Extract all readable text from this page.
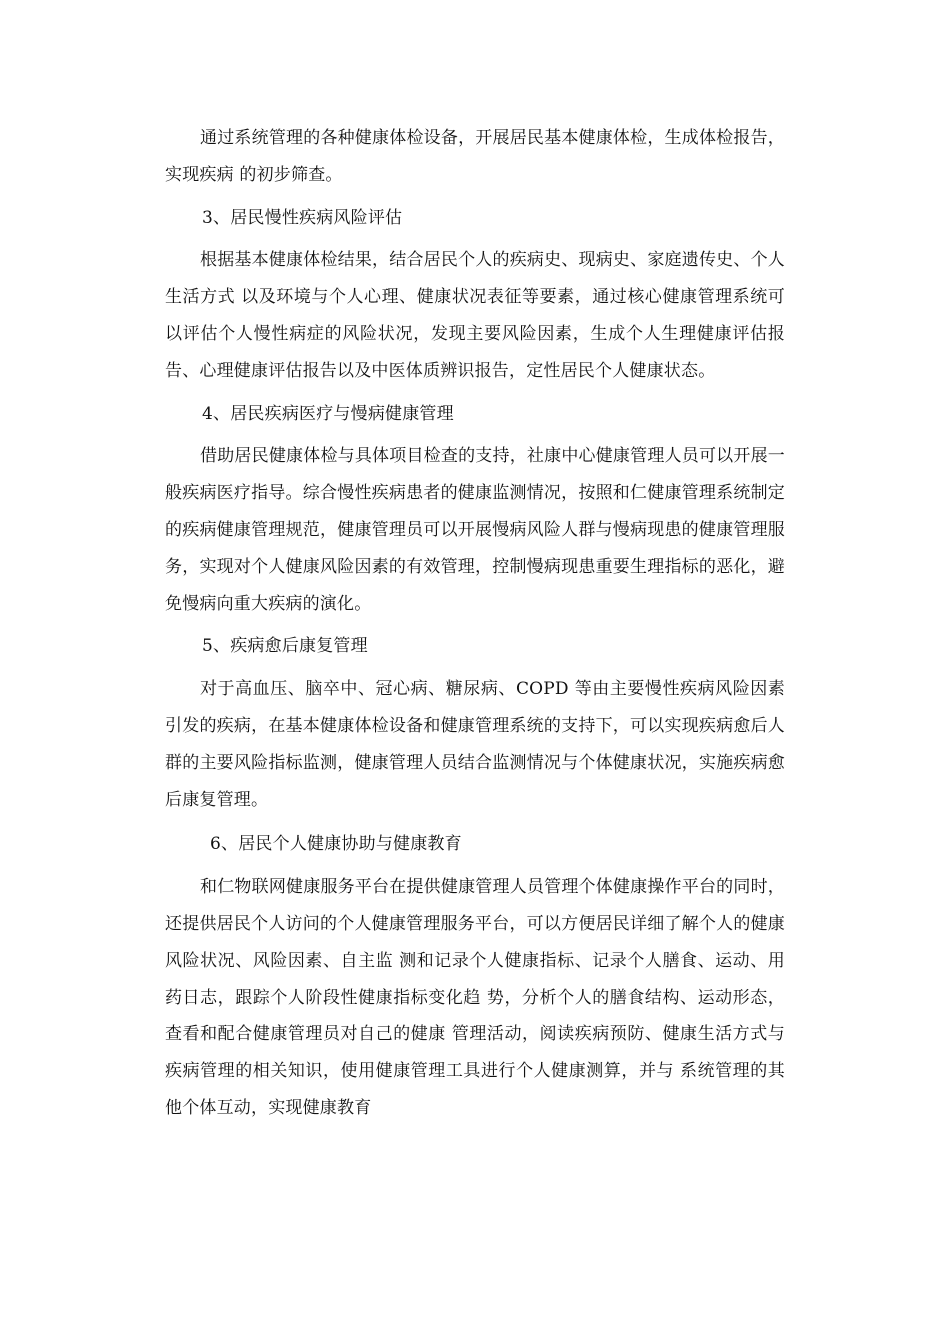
通过系统管理的各种健康体检设备，开展居民基本健康体检，生成体检报告，实现疾病 的初步筛查。

3、居民慢性疾病风险评估

根据基本健康体检结果，结合居民个人的疾病史、现病史、家庭遗传史、个人生活方式 以及环境与个人心理、健康状况表征等要素，通过核心健康管理系统可以评估个人慢性病症的风险状况，发现主要风险因素，生成个人生理健康评估报告、心理健康评估报告以及中医体质辨识报告，定性居民个人健康状态。

4、居民疾病医疗与慢病健康管理

借助居民健康体检与具体项目检查的支持，社康中心健康管理人员可以开展一般疾病医疗指导。综合慢性疾病患者的健康监测情况，按照和仁健康管理系统制定的疾病健康管理规范，健康管理员可以开展慢病风险人群与慢病现患的健康管理服务，实现对个人健康风险因素的有效管理，控制慢病现患重要生理指标的恶化，避免慢病向重大疾病的演化。

5、疾病愈后康复管理

对于高血压、脑卒中、冠心病、糖尿病、COPD 等由主要慢性疾病风险因素引发的疾病，在基本健康体检设备和健康管理系统的支持下，可以实现疾病愈后人群的主要风险指标监测，健康管理人员结合监测情况与个体健康状况，实施疾病愈后康复管理。

6、居民个人健康协助与健康教育

和仁物联网健康服务平台在提供健康管理人员管理个体健康操作平台的同时，还提供居民个人访问的个人健康管理服务平台，可以方便居民详细了解个人的健康风险状况、风险因素、自主监 测和记录个人健康指标、记录个人膳食、运动、用药日志，跟踪个人阶段性健康指标变化趋 势，分析个人的膳食结构、运动形态，查看和配合健康管理员对自己的健康 管理活动，阅读疾病预防、健康生活方式与疾病管理的相关知识，使用健康管理工具进行个人健康测算，并与 系统管理的其他个体互动，实现健康教育
